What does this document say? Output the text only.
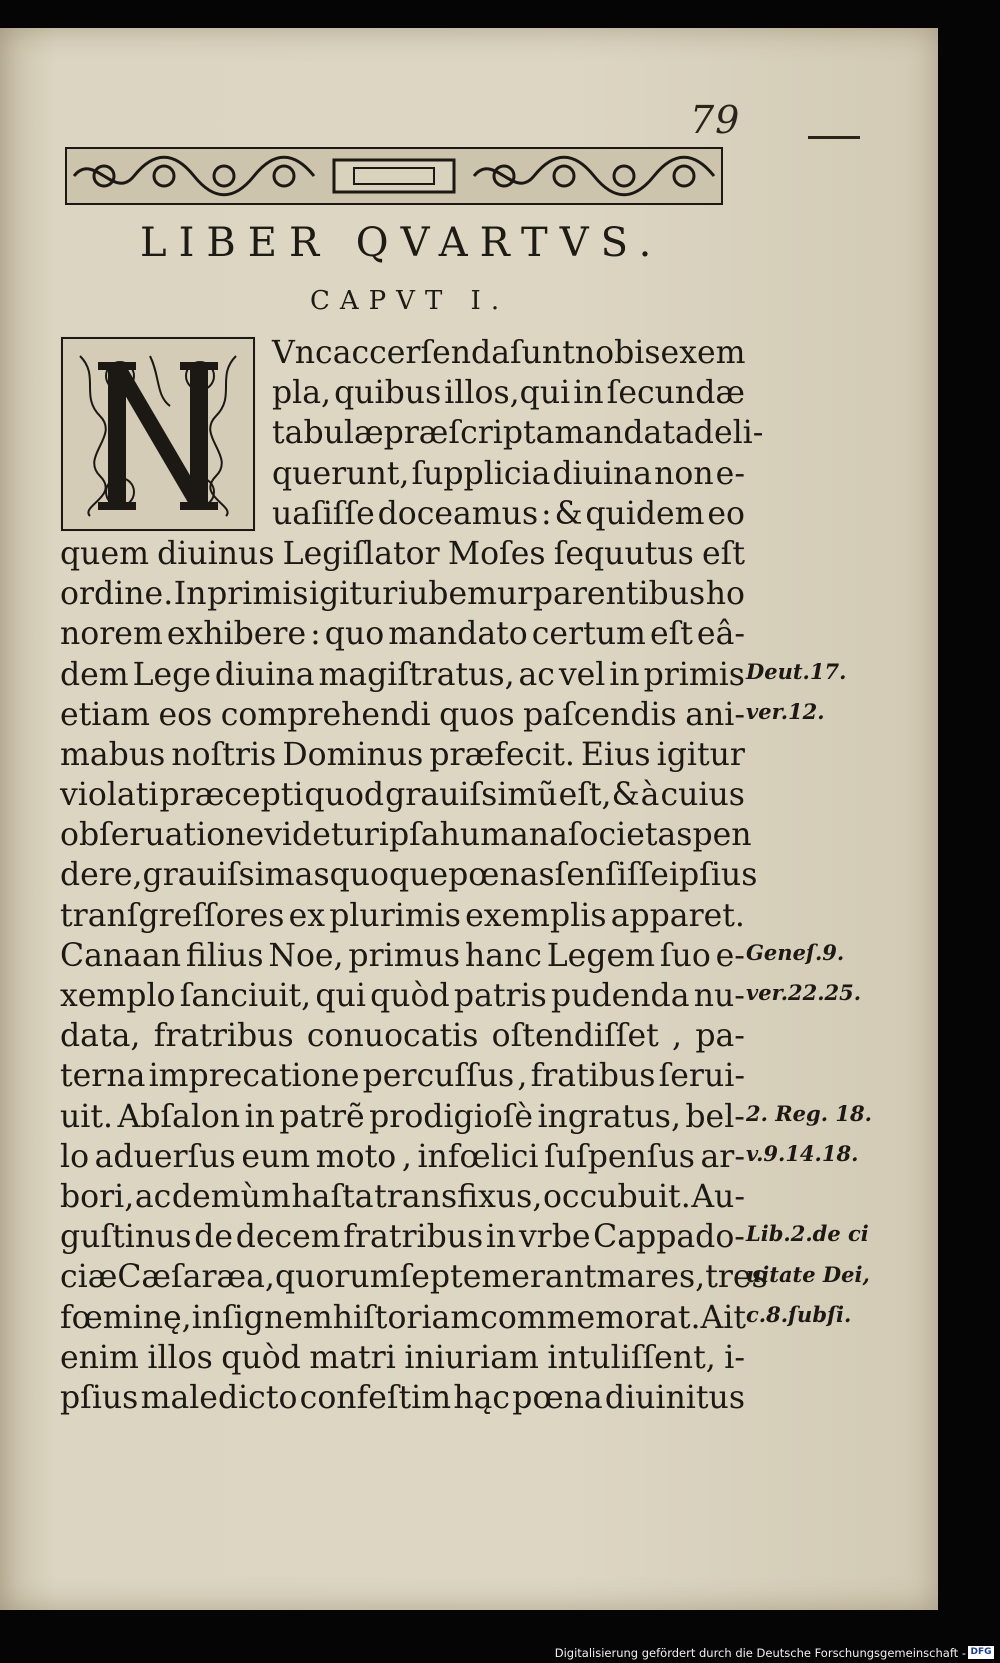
79
LIBER QVARTVS.
CAPVT I.
Vnc accerſenda ſunt nobis exem
pla, quibus illos,qui in ſecundæ
tabulæ præſcripta mandata deli-
querunt, ſupplicia diuina non e-
uaſiſſe doceamus : & quidem eo
quem diuinus Legiſlator Moſes ſequutus eſt
ordine. In primis igitur iubemur parentibus ho
norem exhibere : quo mandato certum eſt eâ-
dem Lege diuina magiſtratus, ac vel in primis
etiam eos comprehendi quos paſcendis ani-
mabus noſtris Dominus præfecit. Eius igitur
violati præcepti quod grauiſsimũ eſt,& à cuius
obſeruatione videtur ipſa humana ſocietas pen
dere, grauiſsimas quoque pœnas ſenſiſſe ipſius
tranſgreſſores ex plurimis exemplis apparet.
Canaan filius Noe, primus hanc Legem ſuo e-
xemplo ſanciuit, qui quòd patris pudenda nu-
data, fratribus conuocatis oſtendiſſet , pa-
terna imprecatione percuſſus , fratibus ſerui-
uit. Abſalon in patrẽ prodigioſè ingratus, bel-
lo aduerſus eum moto , infœlici ſuſpenſus ar-
bori, ac demùm haſta transfixus, occubuit. Au-
guſtinus de decem fratribus in vrbe Cappado-
ciæ Cæſaræa, quorum ſeptem erant mares, tres
fœminę, inſignem hiſtoriam commemorat. Ait
enim illos quòd matri iniuriam intuliſſent, i-
pſius maledicto confeſtim hąc pœna diuinitus
Deut.17.
ver.12.
Geneſ.9.
ver.22.25.
2. Reg. 18.
v.9.14.18.
Lib.2.de ci
uitate Dei,
c.8.ſubſi.
Digitalisierung gefördert durch die Deutsche Forschungsgemeinschaft - DFG
